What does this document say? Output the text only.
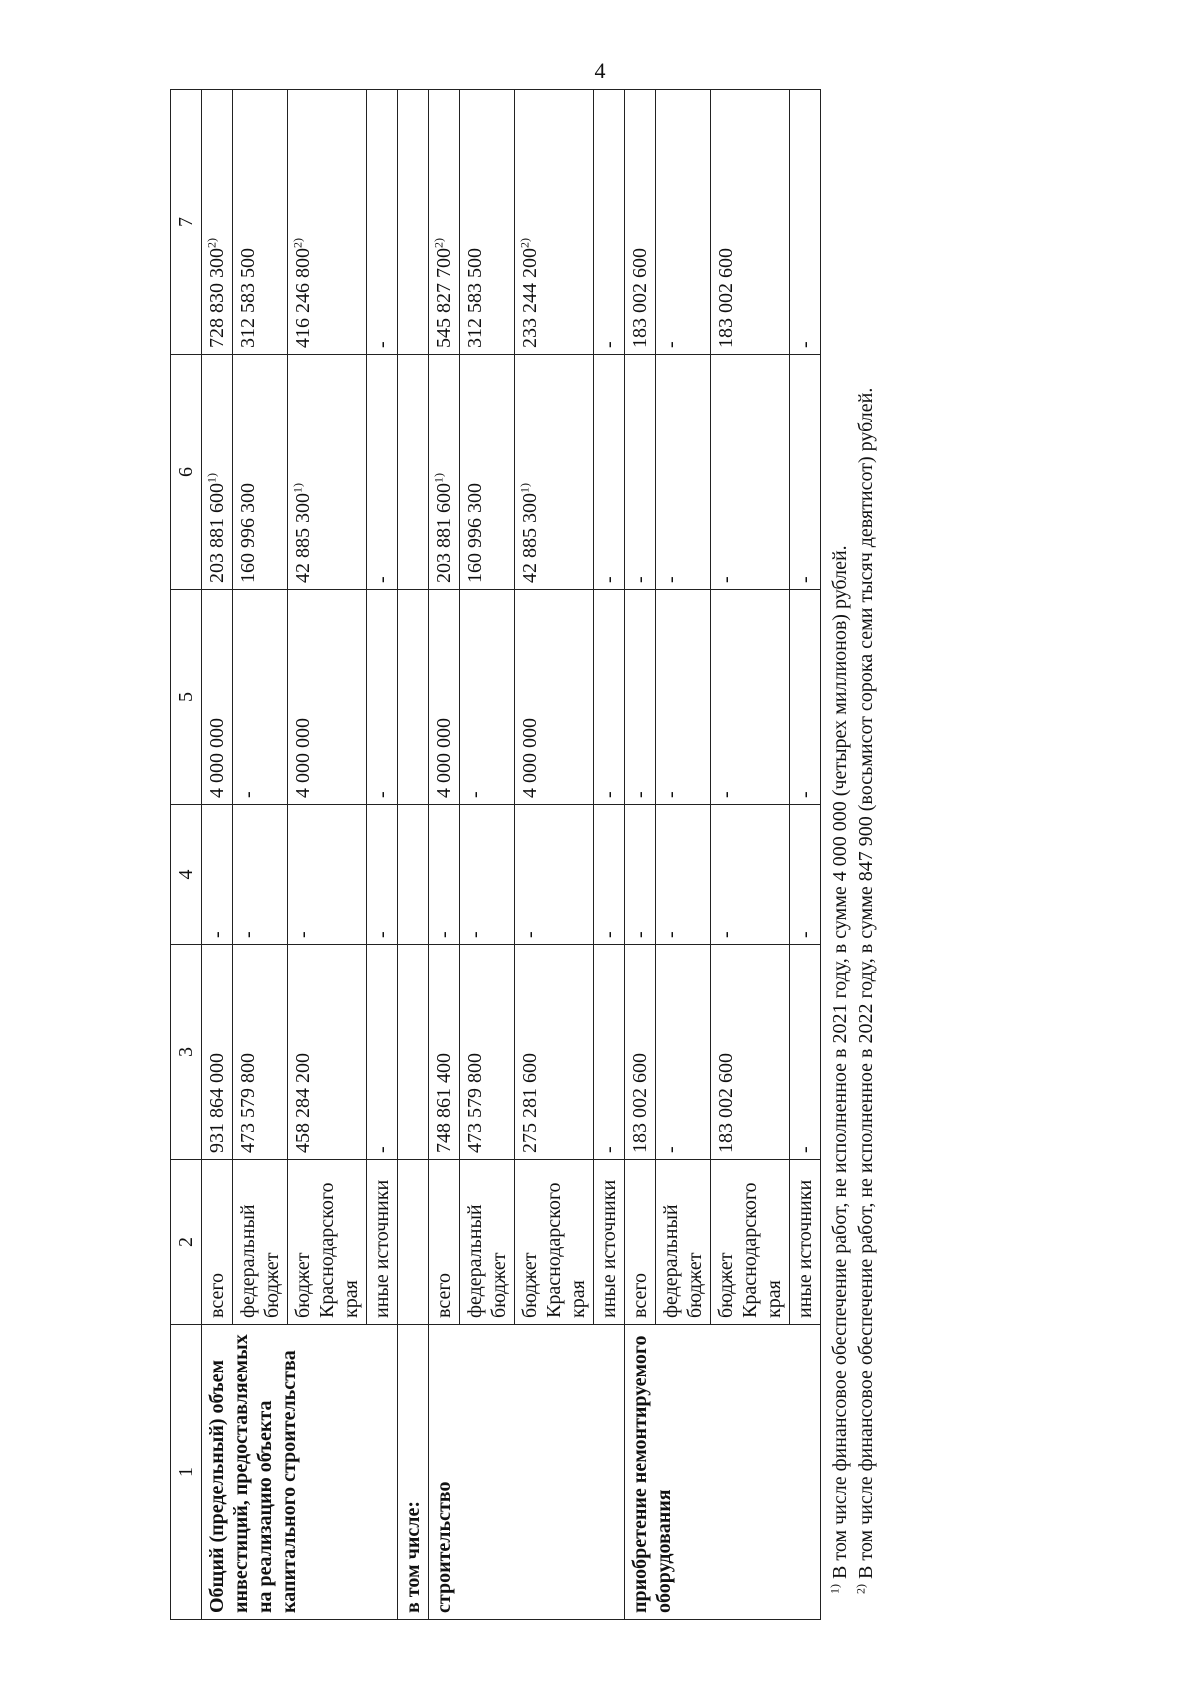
4
1	2	3	4	5	6	7
Общий (предельный) объем инвестиций, предоставляемых на реализацию объекта капитального строительства	всего	931 864 000	-	4 000 000	203 881 600$^{1)}$	728 830 300$^{2)}$
	федеральный бюджет	473 579 800	-	-	160 996 300	312 583 500
	бюджет Краснодарского края	458 284 200	-	4 000 000	42 885 300$^{1)}$	416 246 800$^{2)}$
	иные источники	-	-	-	-	-
в том числе:						
строительство	всего	748 861 400	-	4 000 000	203 881 600$^{1)}$	545 827 700$^{2)}$
	федеральный бюджет	473 579 800	-	-	160 996 300	312 583 500
	бюджет Краснодарского края	275 281 600	-	4 000 000	42 885 300$^{1)}$	233 244 200$^{2)}$
	иные источники	-	-	-	-	-
приобретение немонтируемого оборудования	всего	183 002 600	-	-	-	183 002 600
	федеральный бюджет	-	-	-	-	-
	бюджет Краснодарского края	183 002 600	-	-	-	183 002 600
	иные источники	-	-	-	-	-
$^{1)}$ В том числе финансовое обеспечение работ, не исполненное в 2021 году, в сумме 4 000 000 (четырех миллионов) рублей.
$^{2)}$ В том числе финансовое обеспечение работ, не исполненное в 2022 году, в сумме 847 900 (восьмисот сорока семи тысяч девятисот) рублей.
